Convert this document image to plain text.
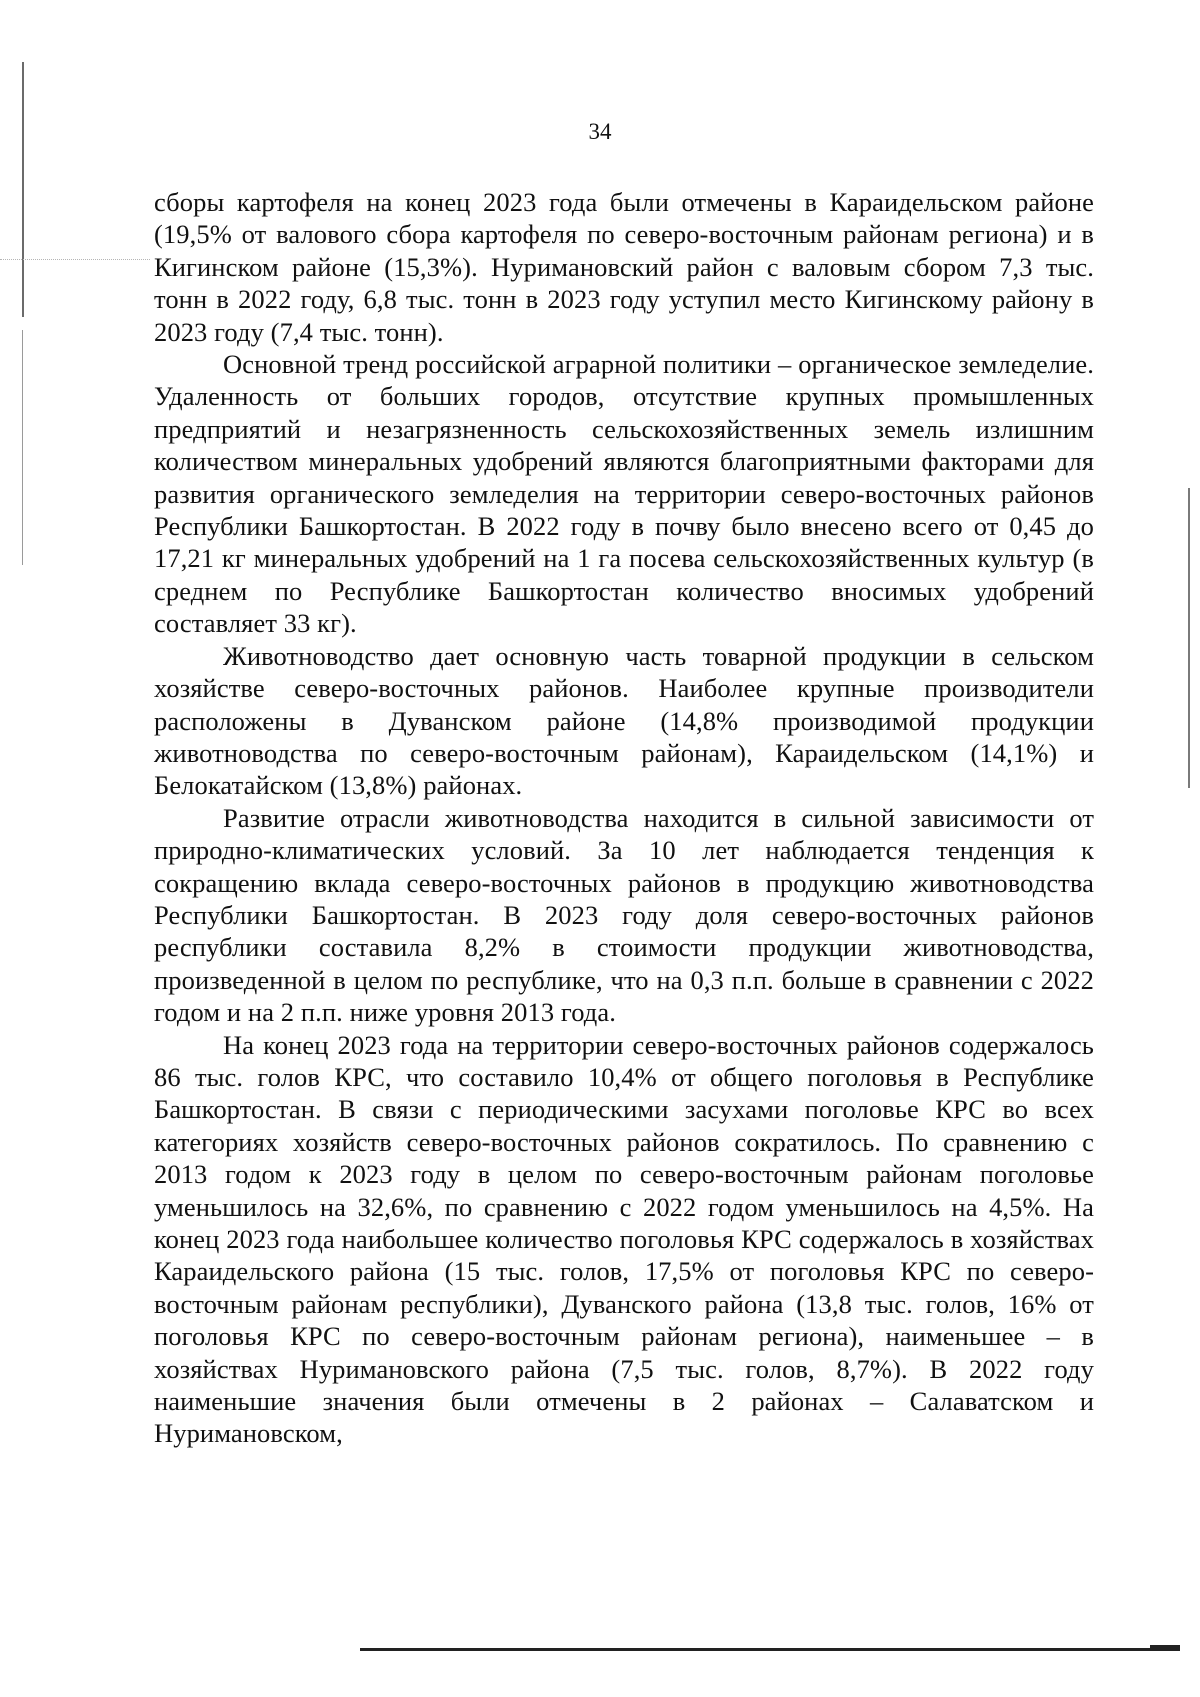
34

сборы картофеля на конец 2023 года были отмечены в Караидельском районе (19,5% от валового сбора картофеля по северо-восточным районам региона) и в Кигинском районе (15,3%). Нуримановский район с валовым сбором 7,3 тыс. тонн в 2022 году, 6,8 тыс. тонн в 2023 году уступил место Кигинскому району в 2023 году (7,4 тыс. тонн).

Основной тренд российской аграрной политики – органическое земледелие. Удаленность от больших городов, отсутствие крупных промышленных предприятий и незагрязненность сельскохозяйственных земель излишним количеством минеральных удобрений являются благоприятными факторами для развития органического земледелия на территории северо-восточных районов Республики Башкортостан. В 2022 году в почву было внесено всего от 0,45 до 17,21 кг минеральных удобрений на 1 га посева сельскохозяйственных культур (в среднем по Республике Башкортостан количество вносимых удобрений составляет 33 кг).

Животноводство дает основную часть товарной продукции в сельском хозяйстве северо-восточных районов. Наиболее крупные производители расположены в Дуванском районе (14,8% производимой продукции животноводства по северо-восточным районам), Караидельском (14,1%) и Белокатайском (13,8%) районах.

Развитие отрасли животноводства находится в сильной зависимости от природно-климатических условий. За 10 лет наблюдается тенденция к сокращению вклада северо-восточных районов в продукцию животноводства Республики Башкортостан. В 2023 году доля северо-восточных районов республики составила 8,2% в стоимости продукции животноводства, произведенной в целом по республике, что на 0,3 п.п. больше в сравнении с 2022 годом и на 2 п.п. ниже уровня 2013 года.

На конец 2023 года на территории северо-восточных районов содержалось 86 тыс. голов КРС, что составило 10,4% от общего поголовья в Республике Башкортостан. В связи с периодическими засухами поголовье КРС во всех категориях хозяйств северо-восточных районов сократилось. По сравнению с 2013 годом к 2023 году в целом по северо-восточным районам поголовье уменьшилось на 32,6%, по сравнению с 2022 годом уменьшилось на 4,5%. На конец 2023 года наибольшее количество поголовья КРС содержалось в хозяйствах Караидельского района (15 тыс. голов, 17,5% от поголовья КРС по северо-восточным районам республики), Дуванского района (13,8 тыс. голов, 16% от поголовья КРС по северо-восточным районам региона), наименьшее – в хозяйствах Нуримановского района (7,5 тыс. голов, 8,7%). В 2022 году наименьшие значения были отмечены в 2 районах – Салаватском и Нуримановском,
